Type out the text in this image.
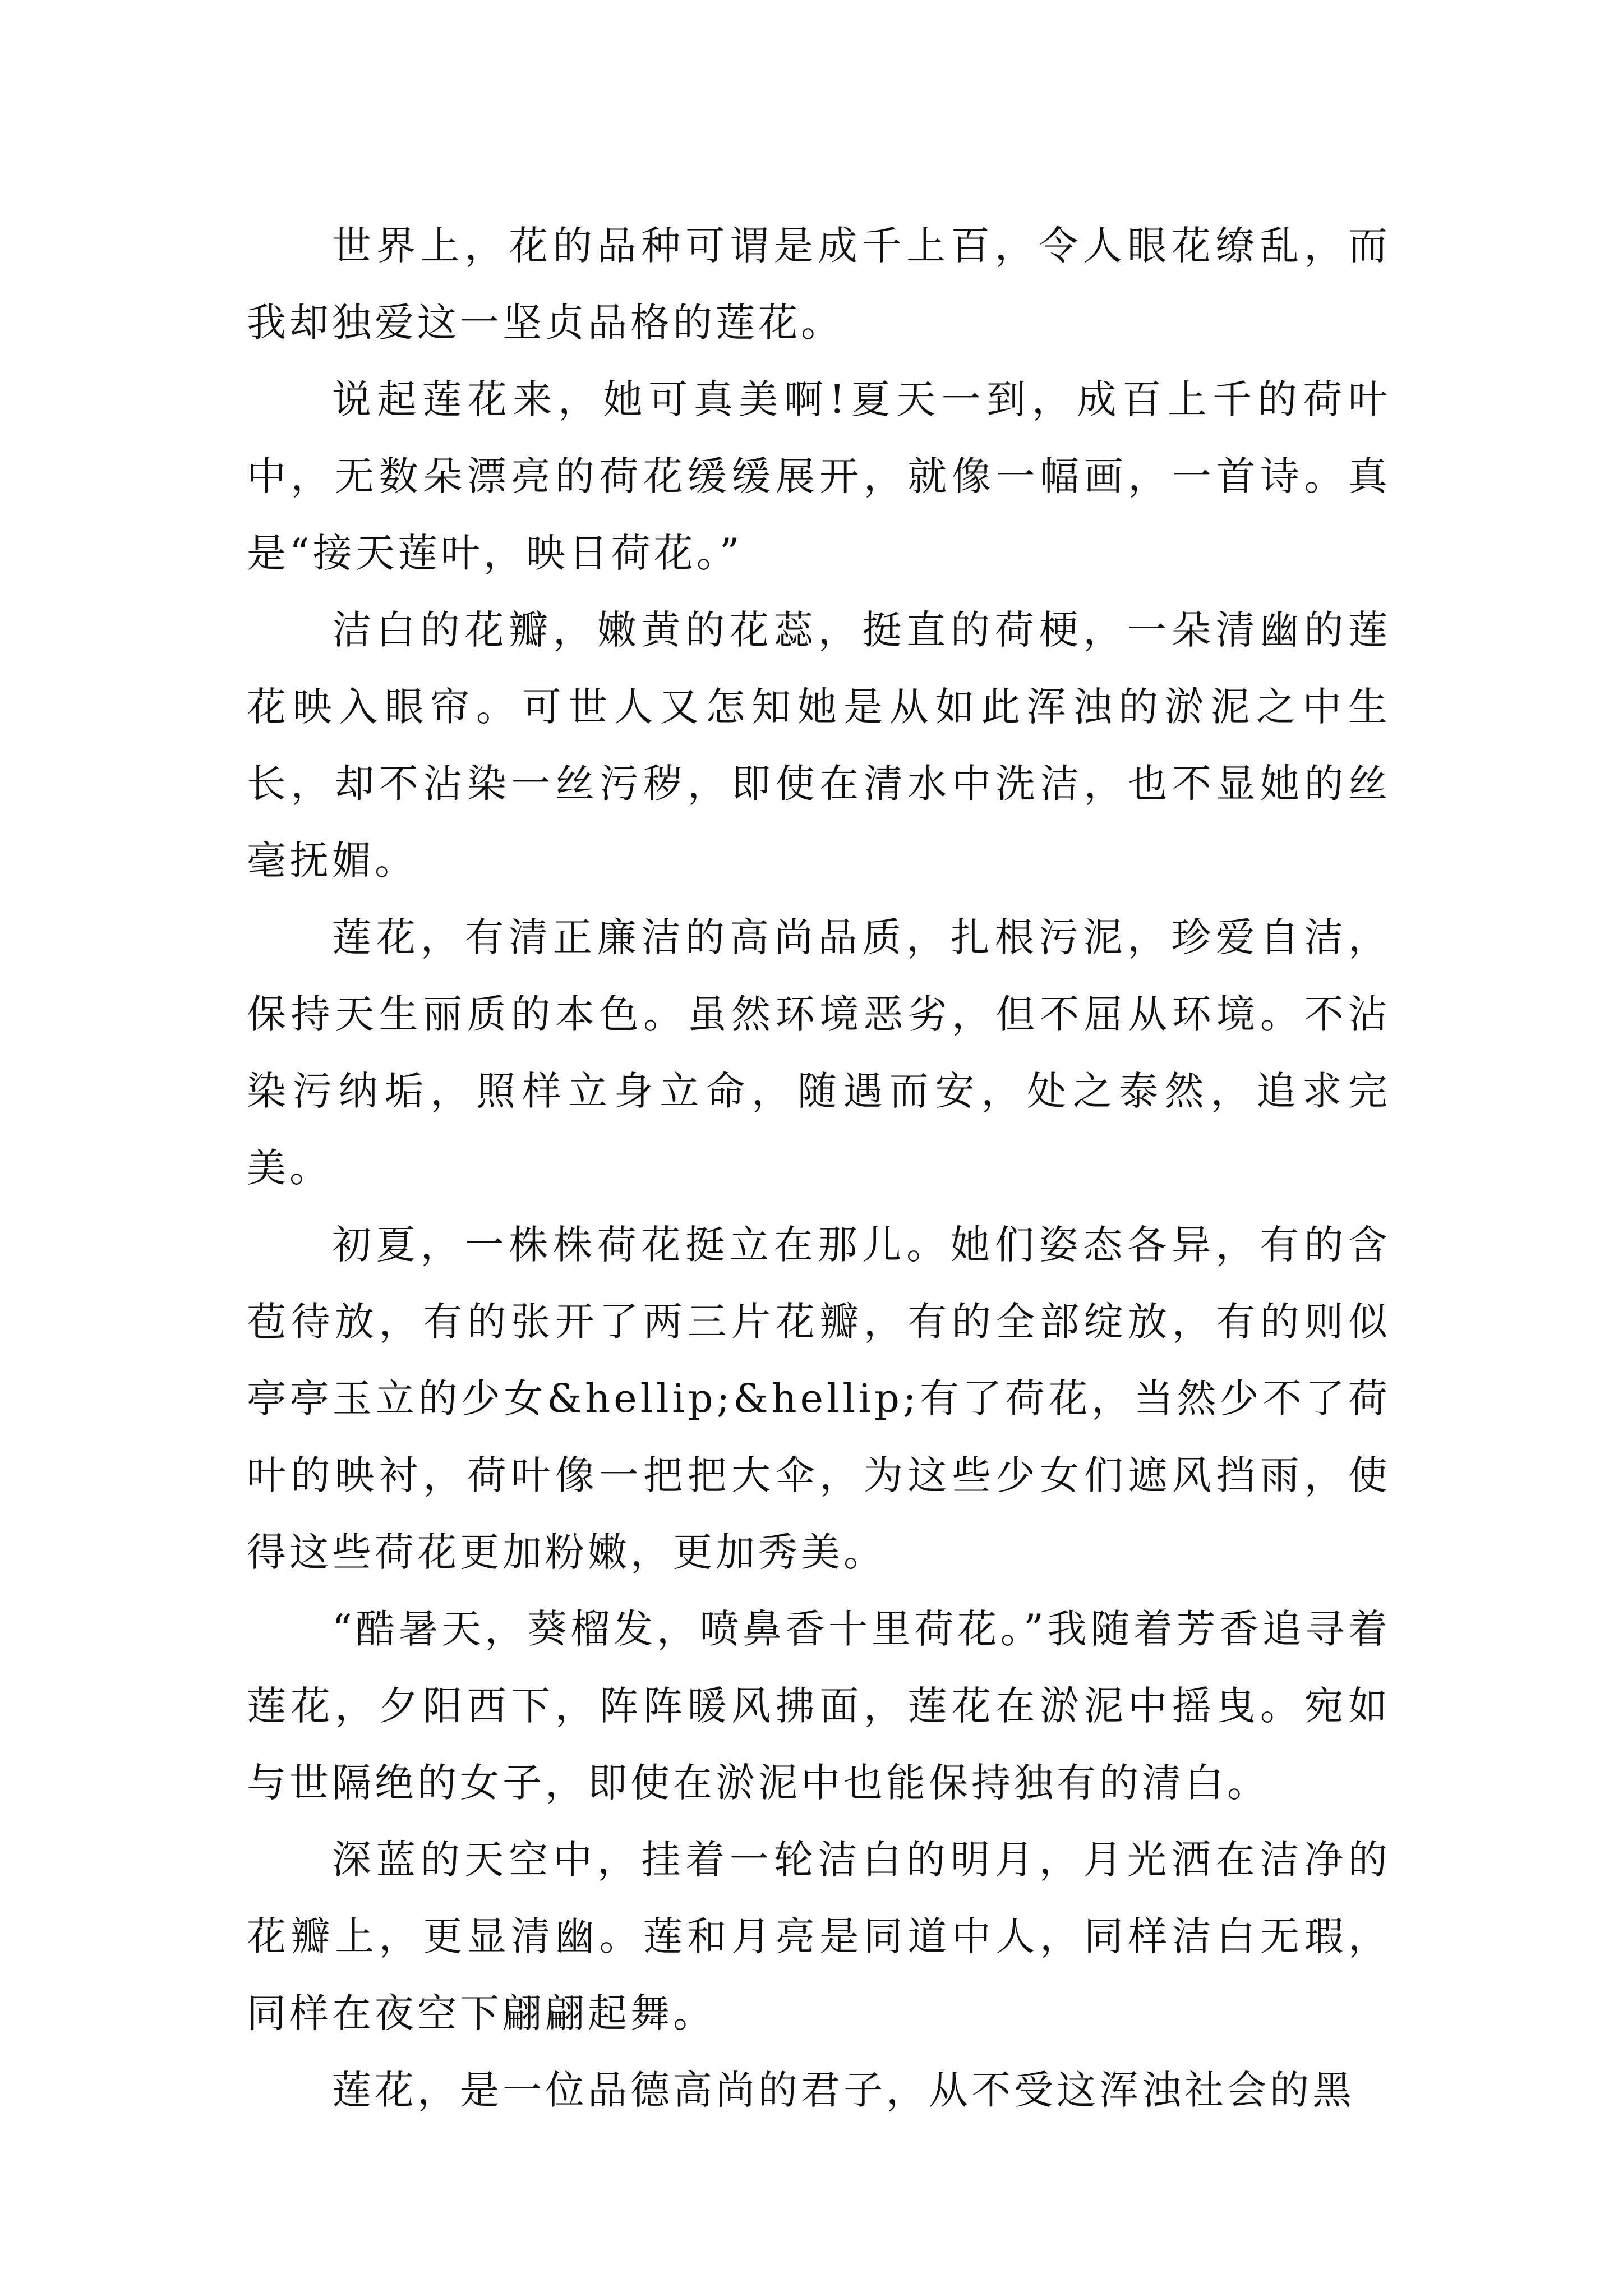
世界上，花的品种可谓是成千上百，令人眼花缭乱，而我却独爱这一坚贞品格的莲花。

说起莲花来，她可真美啊!夏天一到，成百上千的荷叶中，无数朵漂亮的荷花缓缓展开，就像一幅画，一首诗。真是“接天莲叶，映日荷花。”

洁白的花瓣，嫩黄的花蕊，挺直的荷梗，一朵清幽的莲花映入眼帘。可世人又怎知她是从如此浑浊的淤泥之中生长，却不沾染一丝污秽，即使在清水中洗洁，也不显她的丝毫抚媚。

莲花，有清正廉洁的高尚品质，扎根污泥，珍爱自洁，保持天生丽质的本色。虽然环境恶劣，但不屈从环境。不沾染污纳垢，照样立身立命，随遇而安，处之泰然，追求完美。

初夏，一株株荷花挺立在那儿。她们姿态各异，有的含苞待放，有的张开了两三片花瓣，有的全部绽放，有的则似亭亭玉立的少女&hellip;&hellip;有了荷花，当然少不了荷叶的映衬，荷叶像一把把大伞，为这些少女们遮风挡雨，使得这些荷花更加粉嫩，更加秀美。

“酷暑天，葵榴发，喷鼻香十里荷花。”我随着芳香追寻着莲花，夕阳西下，阵阵暖风拂面，莲花在淤泥中摇曳。宛如与世隔绝的女子，即使在淤泥中也能保持独有的清白。

深蓝的天空中，挂着一轮洁白的明月，月光洒在洁净的花瓣上，更显清幽。莲和月亮是同道中人，同样洁白无瑕，同样在夜空下翩翩起舞。

莲花，是一位品德高尚的君子，从不受这浑浊社会的黑
